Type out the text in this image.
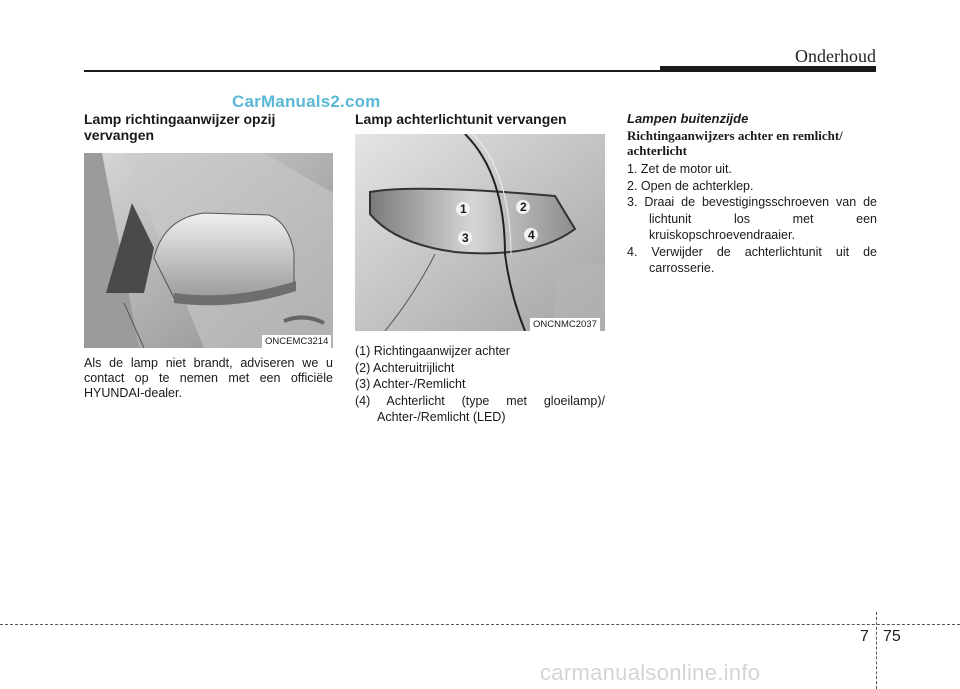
Onderhoud
CarManuals2.com
Lamp richtingaanwijzer opzij vervangen
ONCEMC3214
Als de lamp niet brandt, adviseren we u contact op te nemen met een officiële HYUNDAI-dealer.
Lamp achterlichtunit vervangen
1	2
3	4
ONCNMC2037
(1) Richtingaanwijzer achter
(2) Achteruitrijlicht
(3) Achter-/Remlicht
(4) Achterlicht (type met gloeilamp)/ Achter-/Remlicht (LED)
Lampen buitenzijde
Richtingaanwijzers achter en remlicht/ achterlicht
1. Zet de motor uit.
2. Open de achterklep.
3. Draai de bevestigingsschroeven van de lichtunit los met een kruiskopschroevendraaier.
4. Verwijder de achterlichtunit uit de carrosserie.
7 75
carmanualsonline.info
